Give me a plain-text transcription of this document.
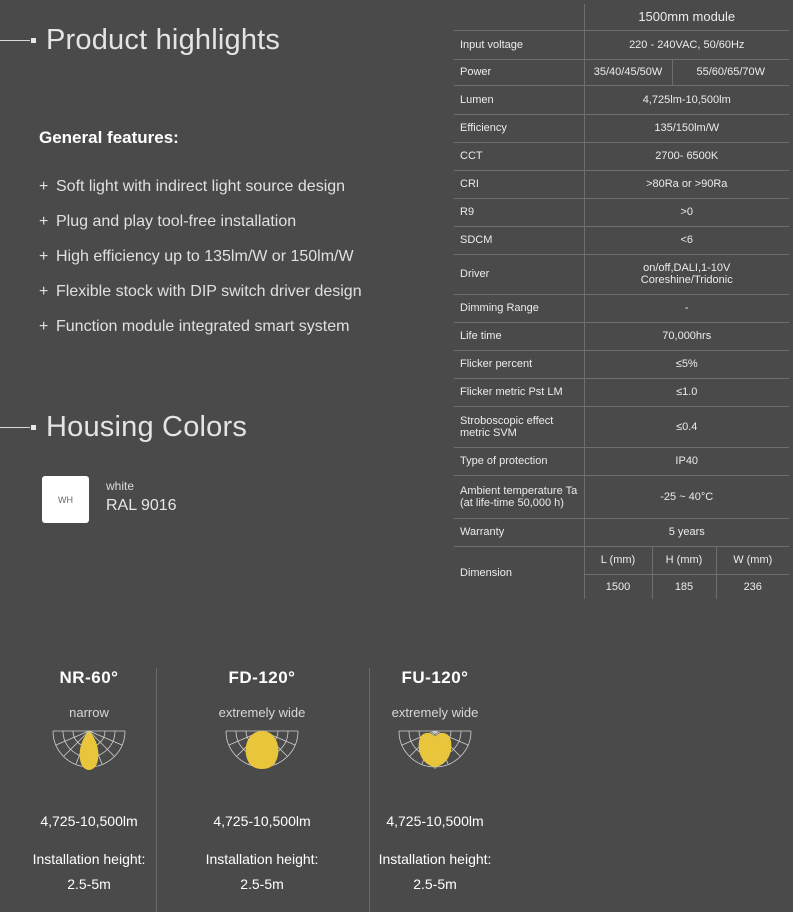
Product highlights
General features:
+ Soft light with indirect light source design
+ Plug and play tool-free installation
+ High efficiency up to 135lm/W or 150lm/W
+ Flexible stock with DIP switch driver design
+ Function module integrated smart system
Housing Colors
WH
white
RAL 9016
	1500mm module			
Input voltage	220 - 240VAC, 50/60Hz			
Power	35/40/45/50W		55/60/65/70W	
Lumen	4,725lm-10,500lm			
Efficiency	135/150lm/W			
CCT	2700- 6500K			
CRI	>80Ra or >90Ra			
R9	>0			
SDCM	<6			
Driver	on/off,DALI,1-10V
Coreshine/Tridonic			

Dimming Range	-			
Life time	70,000hrs			
Flicker percent	≤5%			
Flicker metric Pst LM	≤1.0			

Stroboscopic effect
metric SVM	≤0.4			
Type of protection	IP40			

Ambient temperature Ta
(at life-time 50,000 h)	-25 ~ 40°C			
Warranty	5 years			
Dimension	L (mm)	H (mm)		W (mm)
	1500	185		236
NR-60°
narrow
4,725-10,500lm
Installation height:
2.5-5m
FD-120°
extremely wide
4,725-10,500lm
Installation height:
2.5-5m
FU-120°
extremely wide
4,725-10,500lm
Installation height:
2.5-5m
